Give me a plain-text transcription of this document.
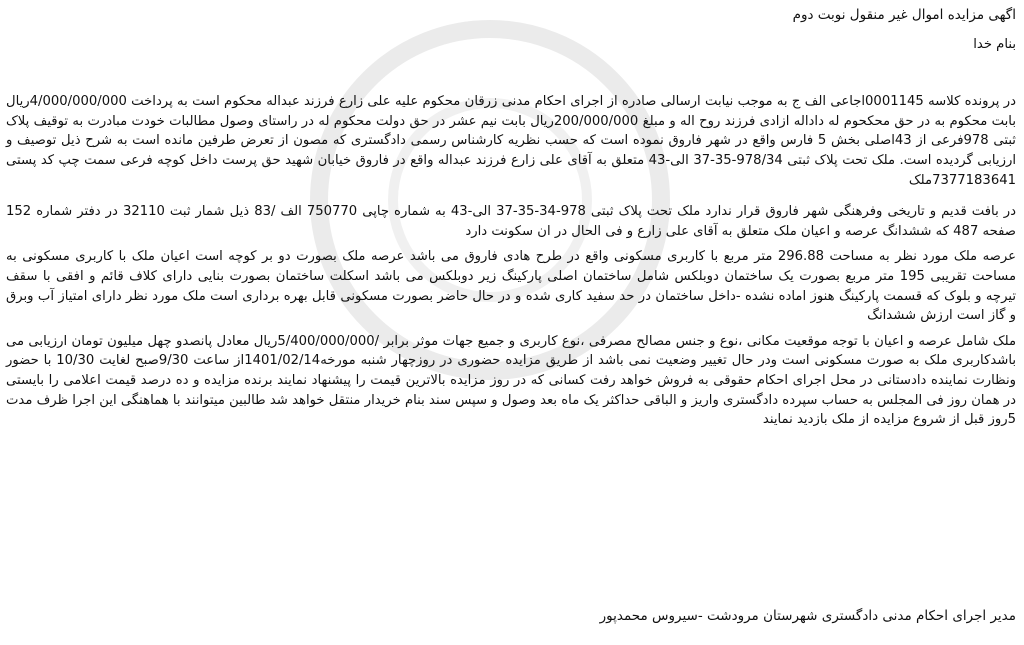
اگهی مزایده اموال غیر منقول نوبت دوم

بنام خدا

در پرونده کلاسه 0001145اجاعی الف ج به موجب نیابت ارسالی صادره از اجرای احکام مدنی زرقان محکوم علیه علی زارع فرزند عبداله محکوم است به پرداخت 4/000/000/000ریال بابت محکوم به در حق محکحوم له داداله ازادی فرزند روح اله و مبلغ 200/000/000ریال بابت نیم عشر در حق دولت محکوم له در راستای وصول مطالبات خودت مبادرت به توقیف پلاک ثبتی 978فرعی از 43اصلی بخش 5 فارس واقع در شهر فاروق نموده است که حسب نظریه کارشناس رسمی دادگستری که مصون از تعرض طرفین مانده است به شرح ذیل توصیف و ارزیابی گردیده است. ملک تحت پلاک ثبتی 978/34-35-37 الی-43 متعلق به آقای علی زارع فرزند عبداله واقع در فاروق خیابان شهید حق پرست داخل کوچه فرعی سمت چپ کد پستی 7377183641ملک

در بافت قدیم و تاریخی وفرهنگی شهر فاروق قرار ندارد ملک تحت پلاک ثبتی 978-34-35-37 الی-43 به شماره چاپی 750770 الف /83 ذیل شمار ثبت 32110 در دفتر شماره 152 صفحه 487 که ششدانگ عرصه و اعیان ملک متعلق به آقای علی زارع و فی الحال در ان سکونت دارد

عرصه ملک مورد نظر به مساحت 296.88 متر مربع با کاربری مسکونی واقع در طرح هادی فاروق می باشد عرصه ملک بصورت دو بر کوچه است اعیان ملک با کاربری مسکونی به مساحت تقریبی 195 متر مربع بصورت یک ساختمان دوبلکس شامل ساختمان اصلی پارکینگ زیر دوبلکس می باشد اسکلت ساختمان بصورت بنایی دارای کلاف قائم و افقی با سقف تیرچه و بلوک که قسمت پارکینگ هنوز اماده نشده -داخل ساختمان در حد سفید کاری شده و در حال حاضر بصورت مسکونی قابل بهره برداری است ملک مورد نظر دارای امتیاز آب وبرق و گاز است ارزش ششدانگ

ملک شامل عرصه و اعیان با توجه موقعیت مکانی ،نوع و جنس مصالح مصرفی ،نوع کاربری و جمیع جهات موثر برابر /5/400/000/000ریال معادل پانصدو چهل میلیون تومان ارزیابی می باشدکاربری ملک به صورت مسکونی است ودر حال تغییر وضعیت نمی باشد از طریق مزایده حضوری در روزچهار شنبه مورخه1401/02/14از ساعت 9/30صبح لغایت 10/30 با حضور ونظارت نماینده دادستانی در محل اجرای احکام حقوقی به فروش خواهد رفت کسانی که در روز مزایده بالاترین قیمت را پیشنهاد نمایند برنده مزایده و ده درصد قیمت اعلامی را بایستی در همان روز فی المجلس به حساب سپرده دادگستری واریز و الباقی حداکثر یک ماه بعد وصول و سپس سند بنام خریدار منتقل خواهد شد طالبین میتوانند با هماهنگی این اجرا ظرف مدت 5روز قبل از شروع مزایده از ملک بازدید نمایند

مدیر اجرای احکام مدنی دادگستری شهرستان مرودشت -سیروس محمدپور
